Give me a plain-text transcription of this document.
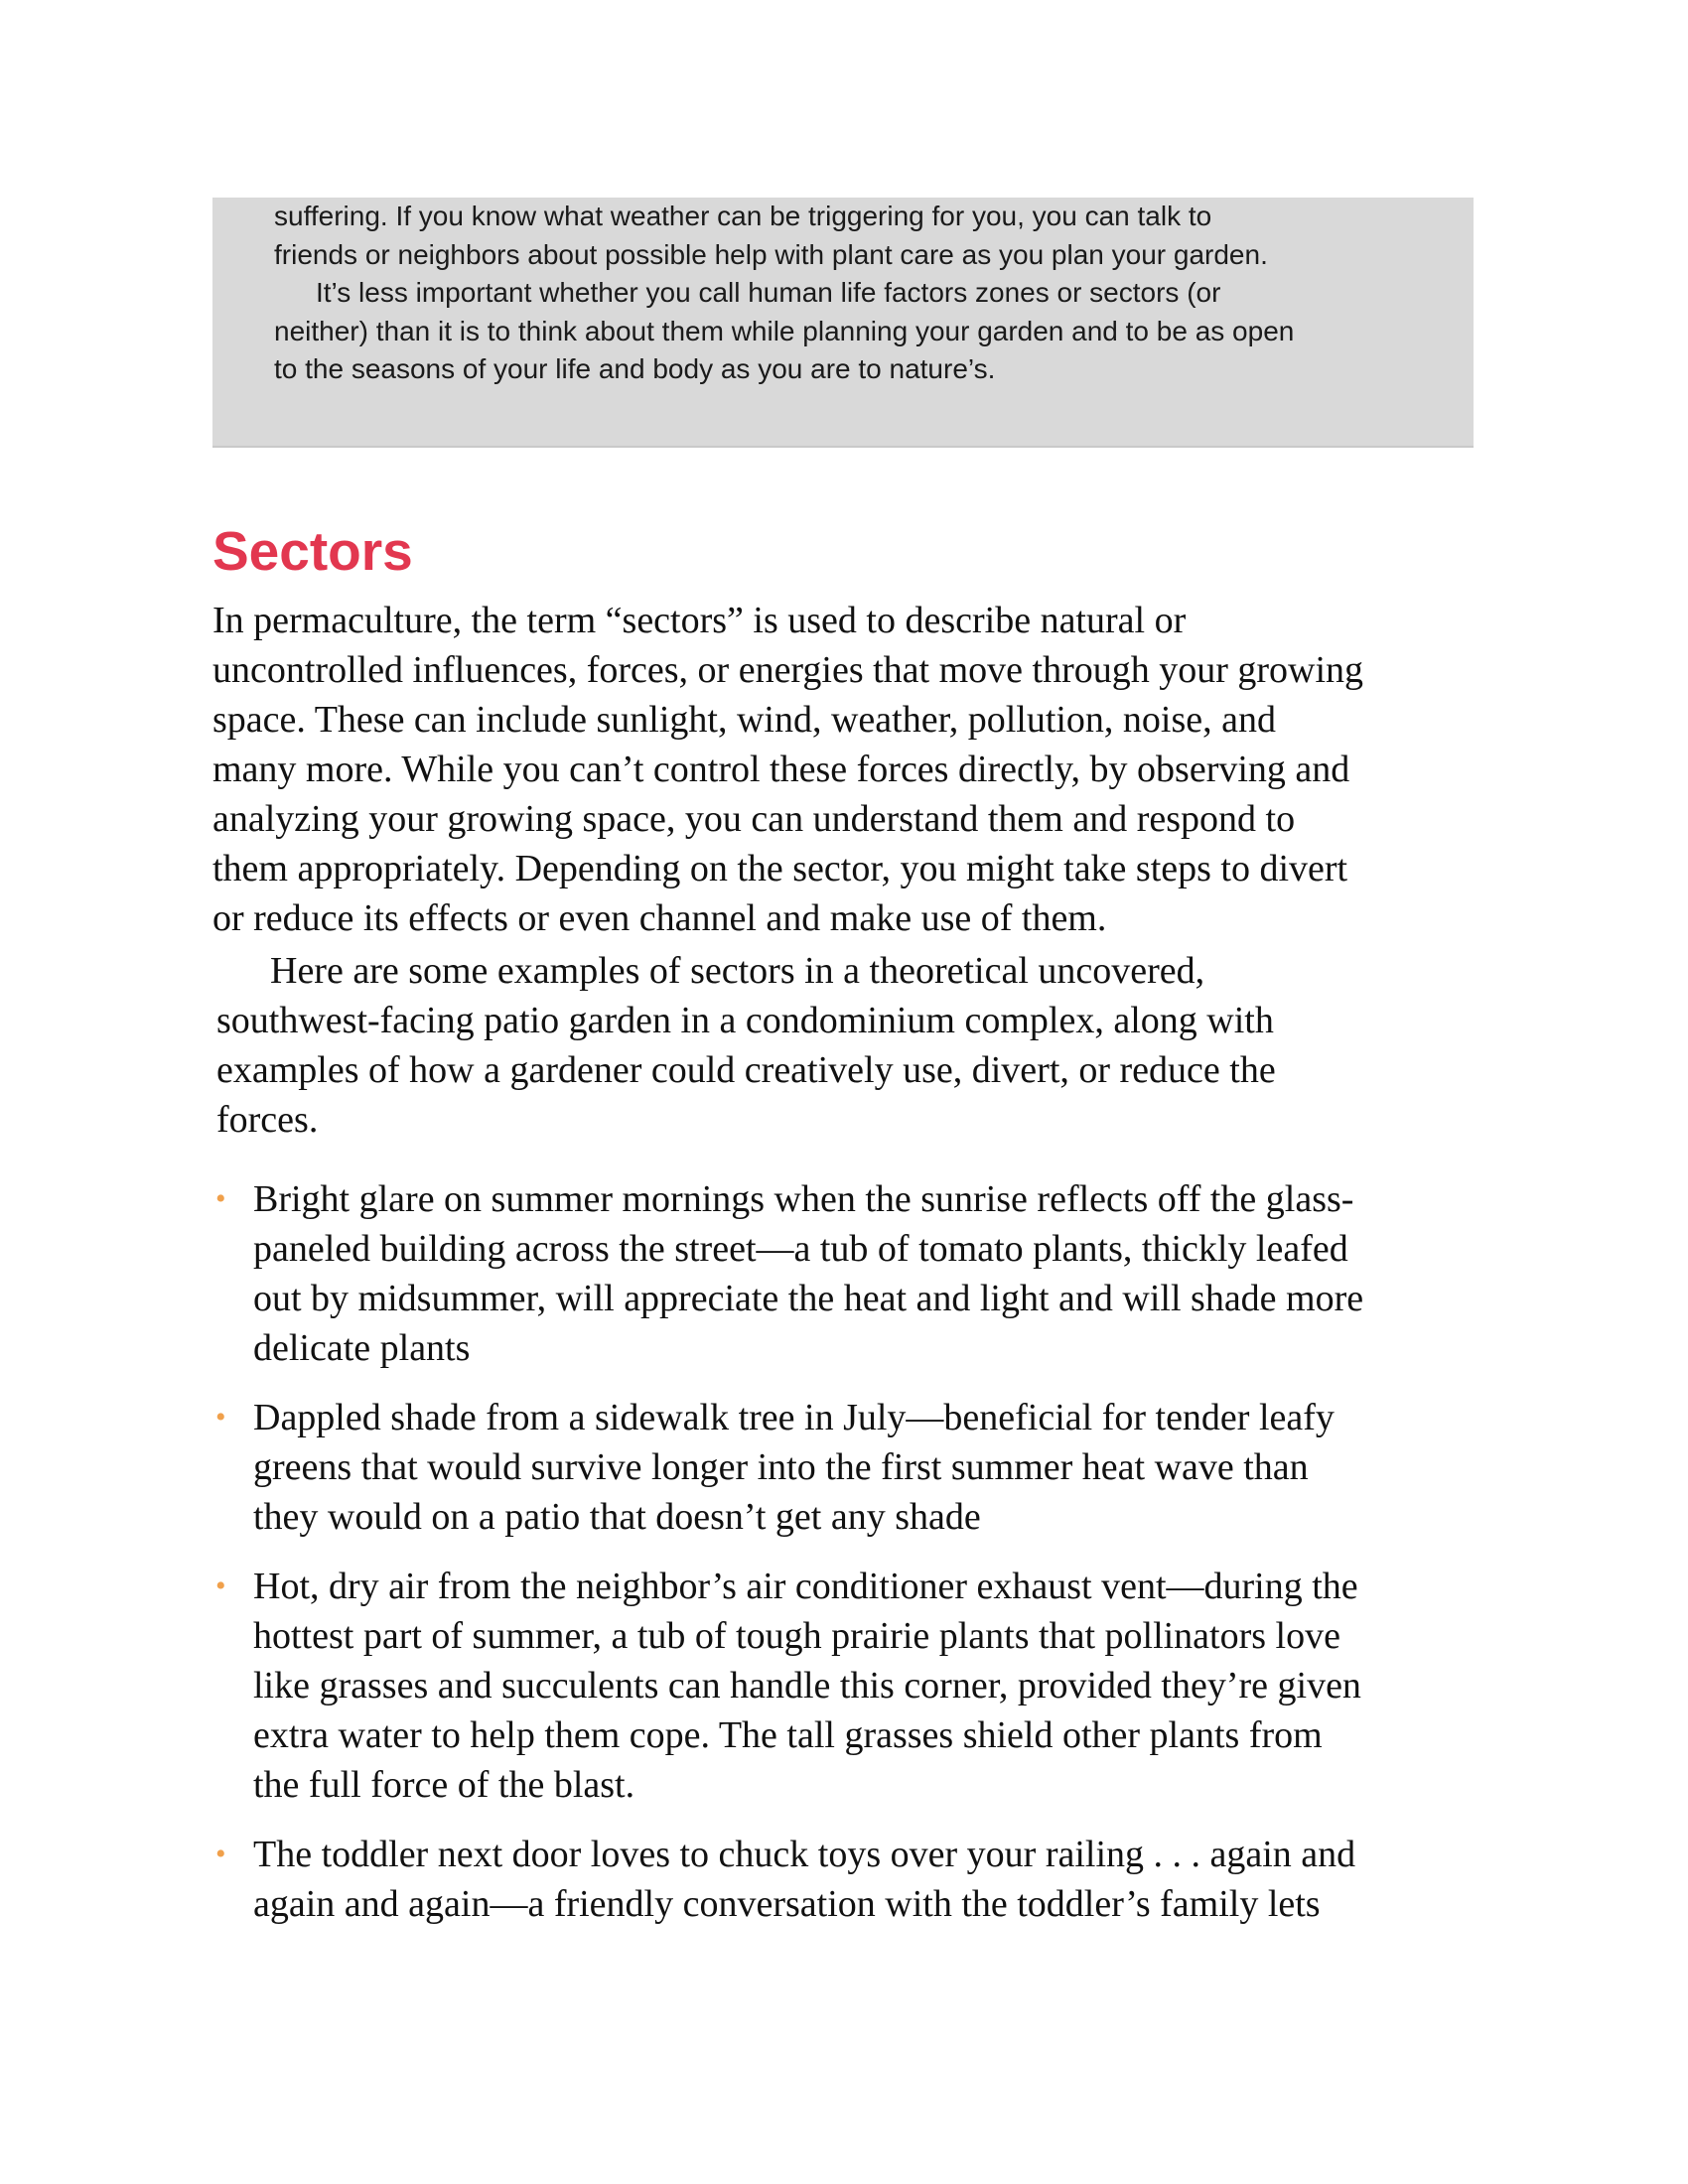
suffering. If you know what weather can be triggering for you, you can talk to
friends or neighbors about possible help with plant care as you plan your garden.

It’s less important whether you call human life factors zones or sectors (or
neither) than it is to think about them while planning your garden and to be as open
to the seasons of your life and body as you are to nature’s.

Sectors

In permaculture, the term “sectors” is used to describe natural or
uncontrolled influences, forces, or energies that move through your growing
space. These can include sunlight, wind, weather, pollution, noise, and
many more. While you can’t control these forces directly, by observing and
analyzing your growing space, you can understand them and respond to
them appropriately. Depending on the sector, you might take steps to divert
or reduce its effects or even channel and make use of them.

Here are some examples of sectors in a theoretical uncovered,
southwest-facing patio garden in a condominium complex, along with
examples of how a gardener could creatively use, divert, or reduce the
forces.

• Bright glare on summer mornings when the sunrise reflects off the glass-
paneled building across the street—a tub of tomato plants, thickly leafed
out by midsummer, will appreciate the heat and light and will shade more
delicate plants
• Dappled shade from a sidewalk tree in July—beneficial for tender leafy
greens that would survive longer into the first summer heat wave than
they would on a patio that doesn’t get any shade
• Hot, dry air from the neighbor’s air conditioner exhaust vent—during the
hottest part of summer, a tub of tough prairie plants that pollinators love
like grasses and succulents can handle this corner, provided they’re given
extra water to help them cope. The tall grasses shield other plants from
the full force of the blast.
• The toddler next door loves to chuck toys over your railing . . . again and
again and again—a friendly conversation with the toddler’s family lets
